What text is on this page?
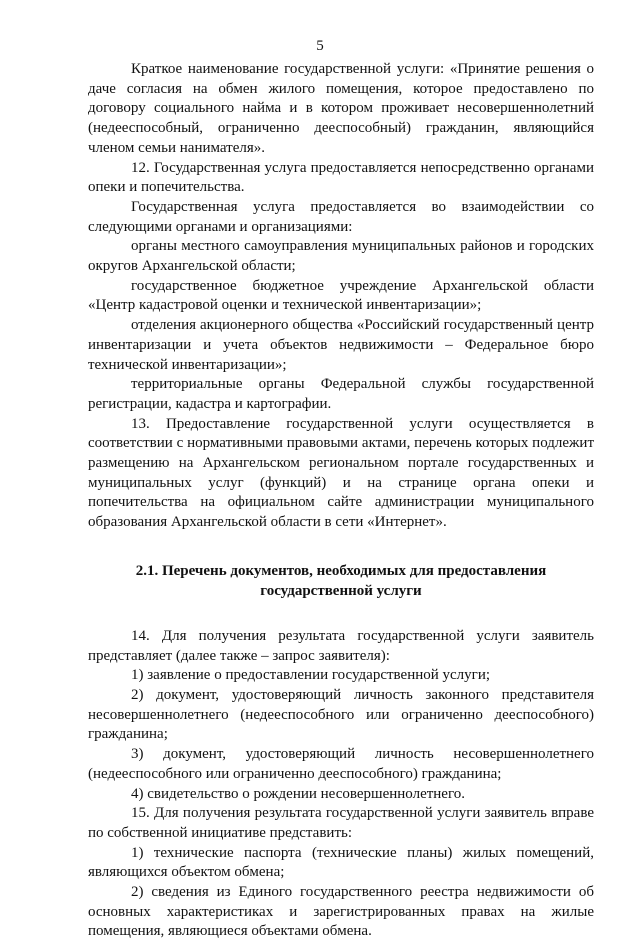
5

Краткое наименование государственной услуги: «Принятие решения о даче согласия на обмен жилого помещения, которое предоставлено по договору социального найма и в котором проживает несовершеннолетний (недееспособный, ограниченно дееспособный) гражданин, являющийся членом семьи нанимателя».

12. Государственная услуга предоставляется непосредственно органами опеки и попечительства.

Государственная услуга предоставляется во взаимодействии со следующими органами и организациями:

органы местного самоуправления муниципальных районов и городских округов Архангельской области;

государственное бюджетное учреждение Архангельской области «Центр кадастровой оценки и технической инвентаризации»;

отделения акционерного общества «Российский государственный центр инвентаризации и учета объектов недвижимости – Федеральное бюро технической инвентаризации»;

территориальные органы Федеральной службы государственной регистрации, кадастра и картографии.

13. Предоставление государственной услуги осуществляется в соответствии с нормативными правовыми актами, перечень которых подлежит размещению на Архангельском региональном портале государственных и муниципальных услуг (функций) и на странице органа опеки и попечительства на официальном сайте администрации муниципального образования Архангельской области в сети «Интернет».

2.1. Перечень документов, необходимых для предоставления
государственной услуги

14. Для получения результата государственной услуги заявитель представляет (далее также – запрос заявителя):

1) заявление о предоставлении государственной услуги;

2) документ, удостоверяющий личность законного представителя несовершеннолетнего (недееспособного или ограниченно дееспособного) гражданина;

3) документ, удостоверяющий личность несовершеннолетнего (недееспособного или ограниченно дееспособного) гражданина;

4) свидетельство о рождении несовершеннолетнего.

15. Для получения результата государственной услуги заявитель вправе по собственной инициативе представить:

1) технические паспорта (технические планы) жилых помещений, являющихся объектом обмена;

2) сведения из Единого государственного реестра недвижимости об основных характеристиках и зарегистрированных правах на жилые помещения, являющиеся объектами обмена.
